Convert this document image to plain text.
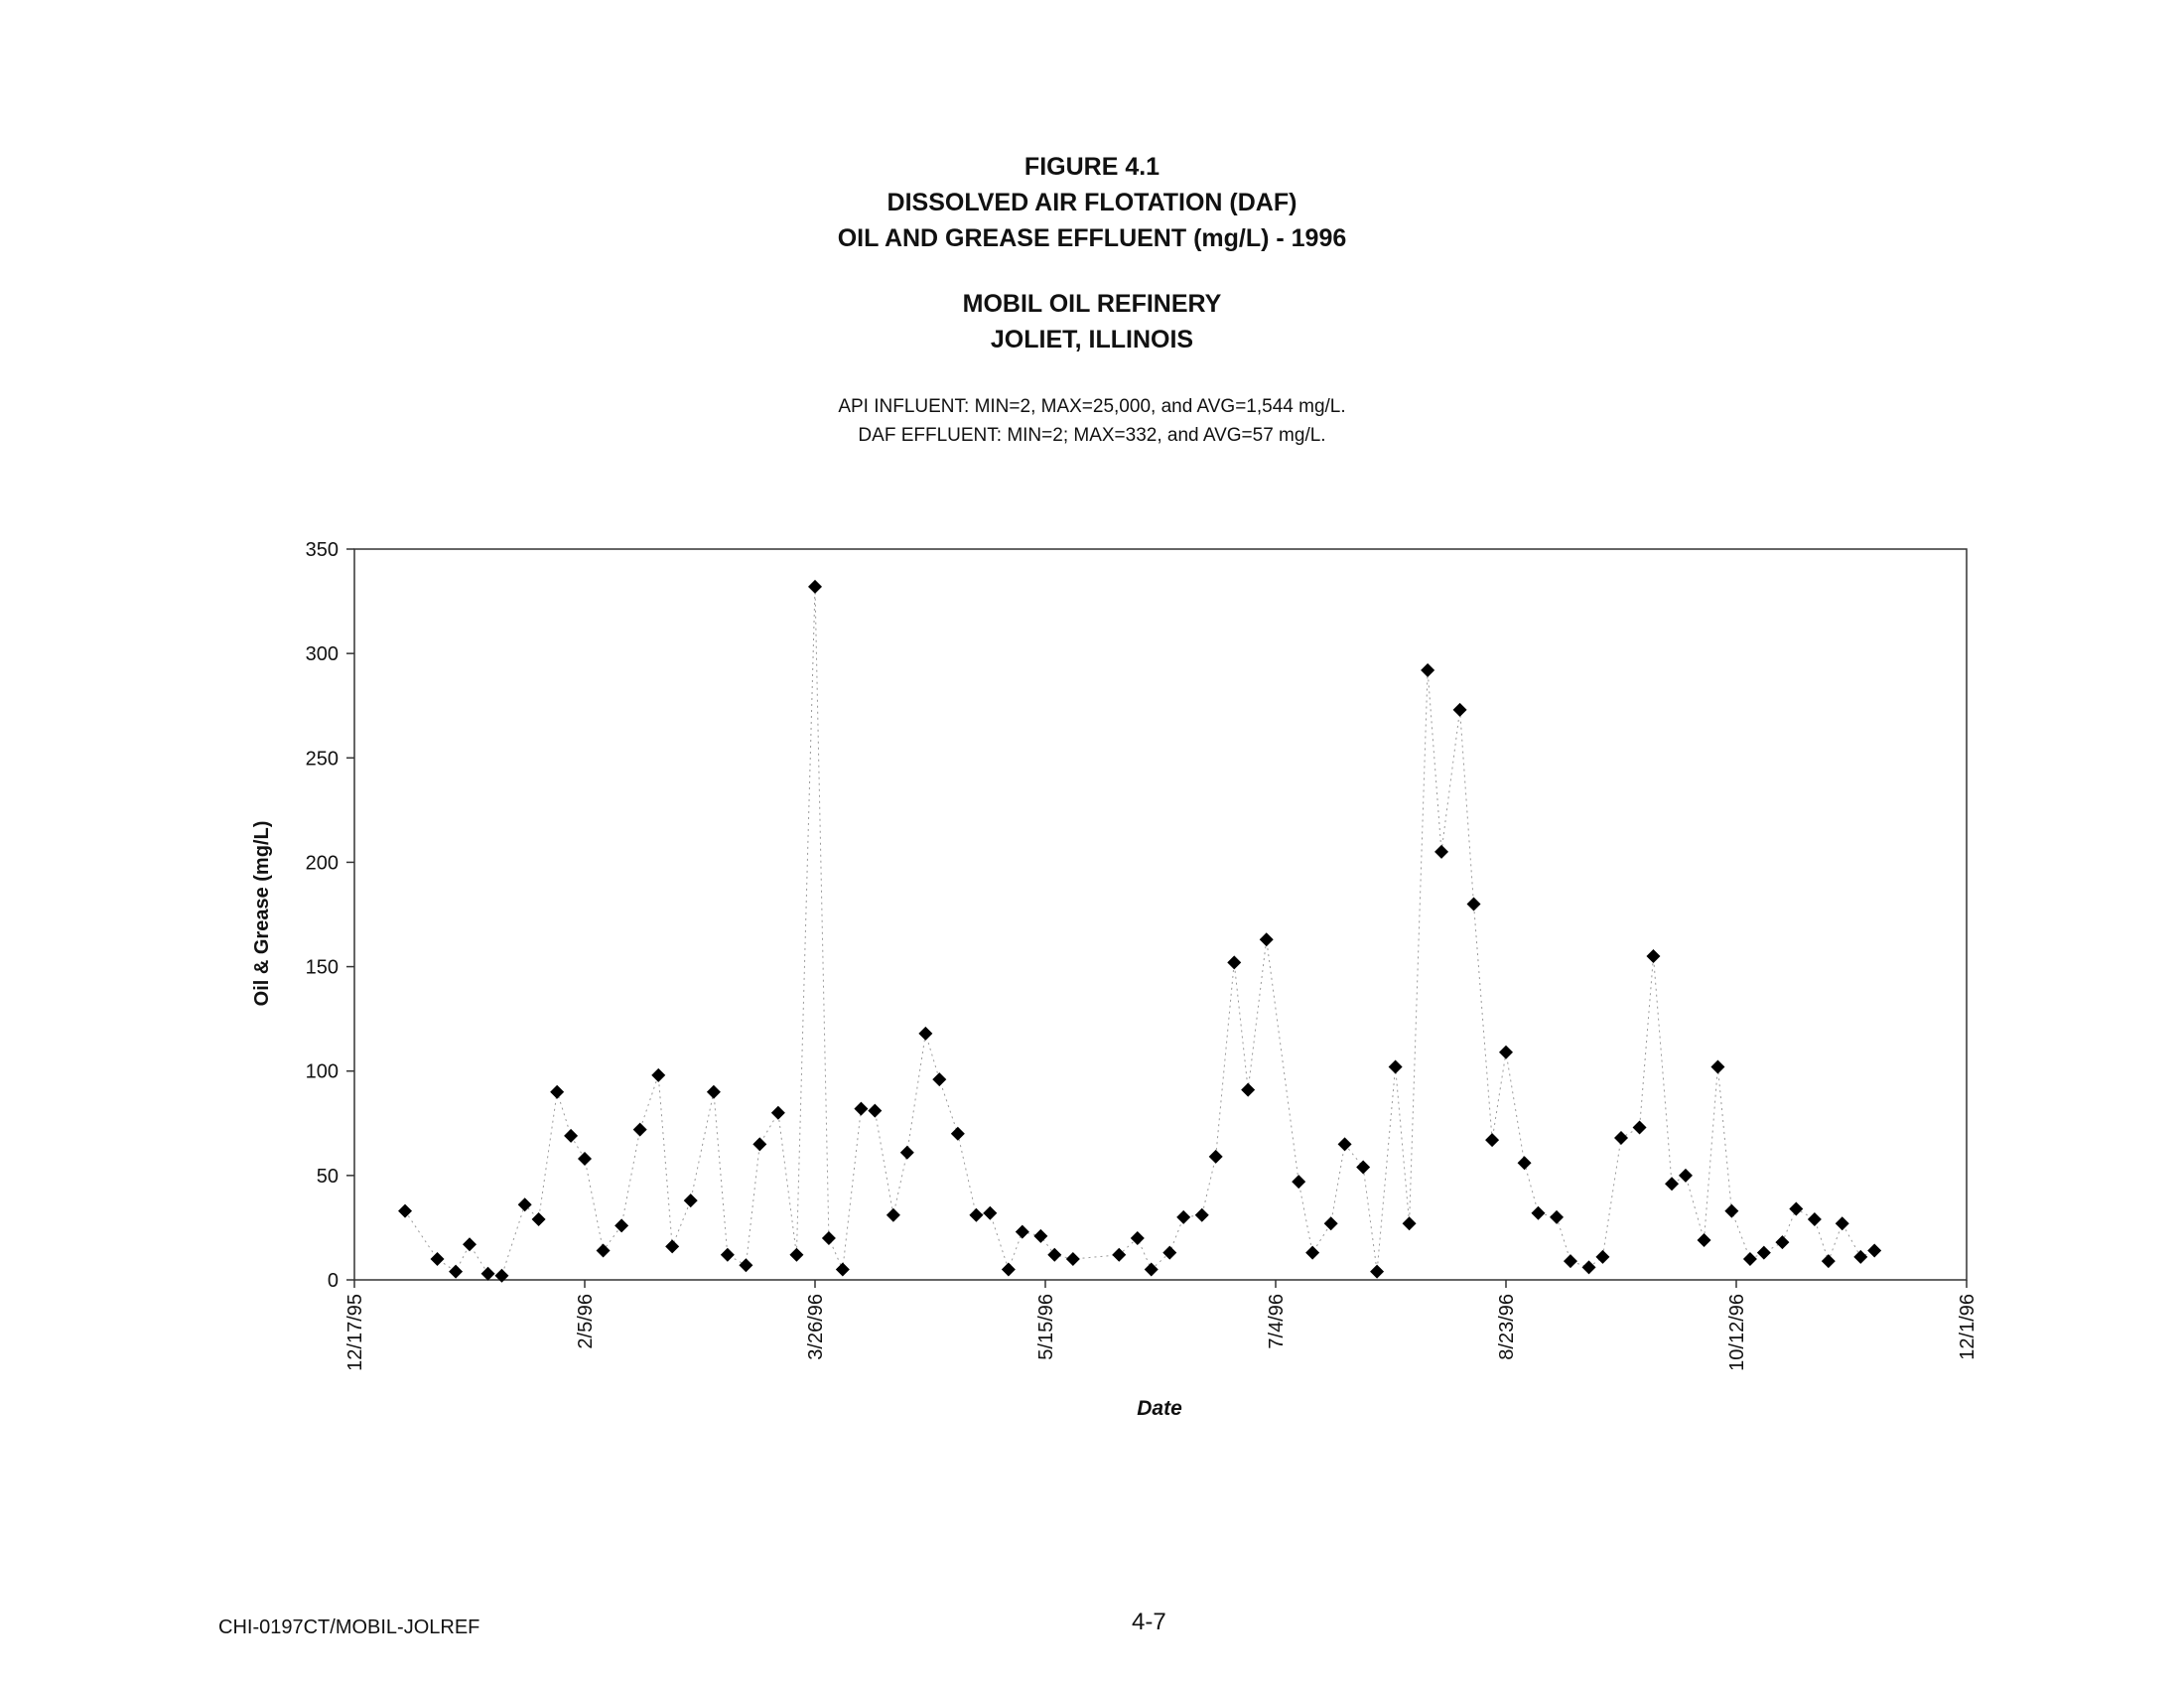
FIGURE 4.1
DISSOLVED AIR FLOTATION (DAF)
OIL AND GREASE EFFLUENT (mg/L) - 1996
MOBIL OIL REFINERY
JOLIET, ILLINOIS
API INFLUENT: MIN=2, MAX=25,000, and AVG=1,544 mg/L.
DAF EFFLUENT: MIN=2; MAX=332, and AVG=57 mg/L.
0
50
100
150
200
250
300
350
12/17/95	2/5/96	3/26/96	5/15/96	7/4/96	8/23/96	10/12/96	12/1/96
Oil & Grease (mg/L)
Date
CHI-0197CT/MOBIL-JOLREF	4-7
